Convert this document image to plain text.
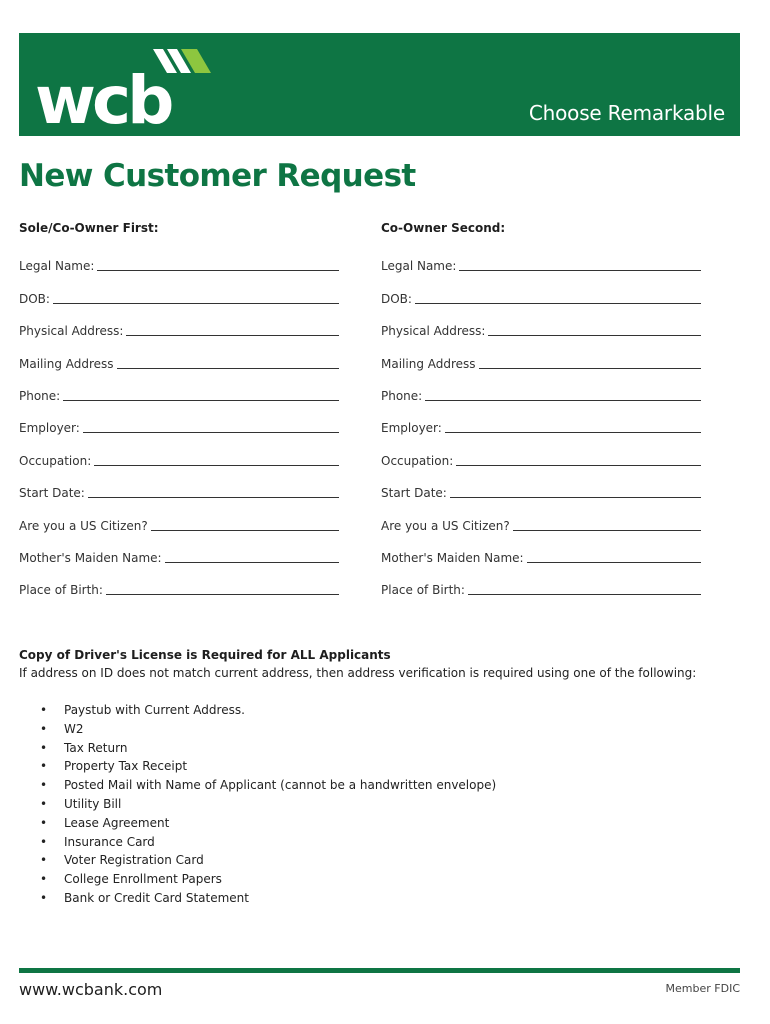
wcb	Choose Remarkable
New Customer Request
Sole/Co-Owner First:
Legal Name:
DOB:
Physical Address:
Mailing Address
Phone:
Employer:
Occupation:
Start Date:
Are you a US Citizen?
Mother's Maiden Name:
Place of Birth:
Co-Owner Second:
Legal Name:
DOB:
Physical Address:
Mailing Address
Phone:
Employer:
Occupation:
Start Date:
Are you a US Citizen?
Mother's Maiden Name:
Place of Birth:
Copy of Driver's License is Required for ALL Applicants
If address on ID does not match current address, then address verification is required using one of the following:
• Paystub with Current Address.
• W2
• Tax Return
• Property Tax Receipt
• Posted Mail with Name of Applicant (cannot be a handwritten envelope)
• Utility Bill
• Lease Agreement
• Insurance Card
• Voter Registration Card
• College Enrollment Papers
• Bank or Credit Card Statement
www.wcbank.com	Member FDIC
